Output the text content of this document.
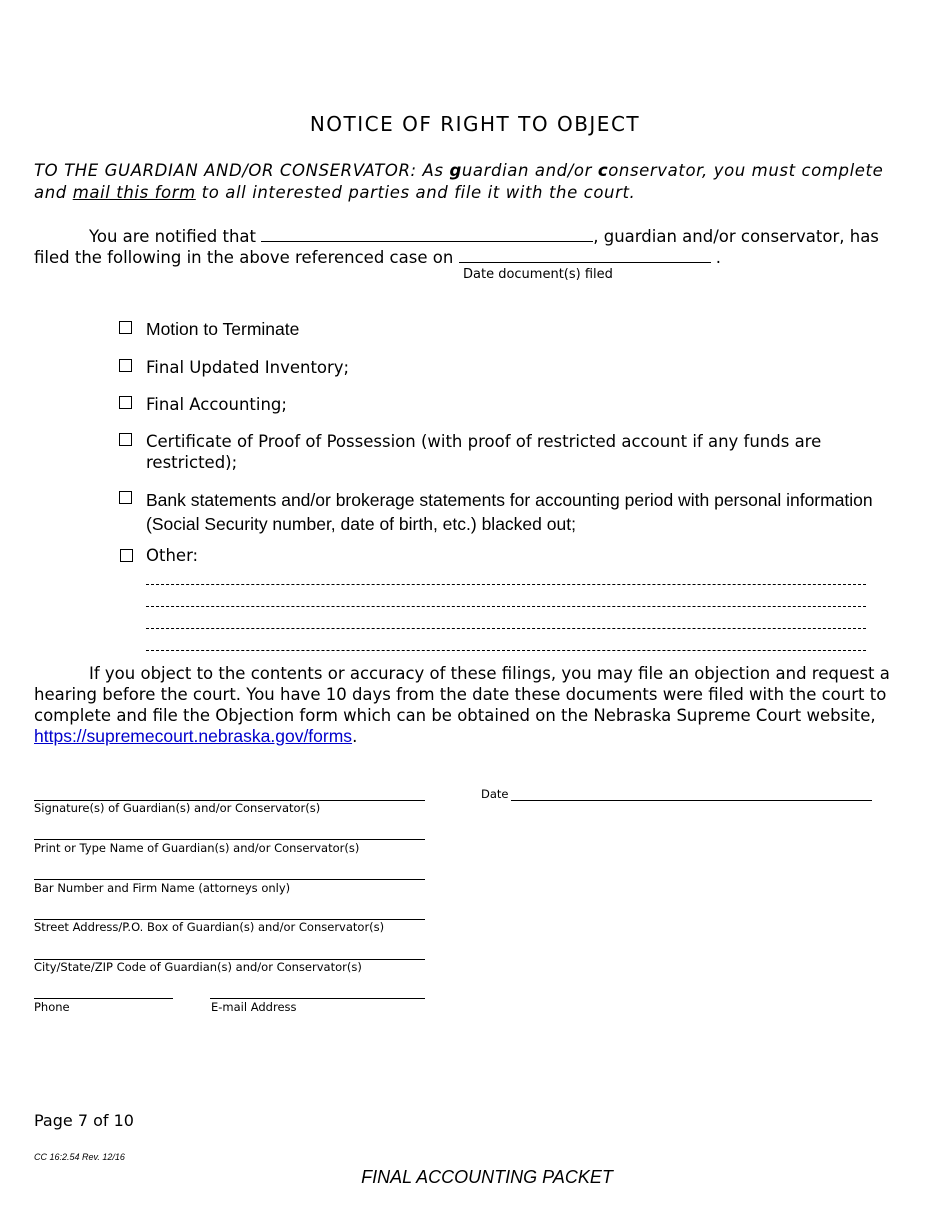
NOTICE OF RIGHT TO OBJECT
TO THE GUARDIAN AND/OR CONSERVATOR: As guardian and/or conservator, you must complete and mail this form to all interested parties and file it with the court.
You are notified that	, guardian and/or conservator, has filed the following in the above referenced case on	.
Date document(s) filed
Motion to Terminate
Final Updated Inventory;
Final Accounting;
Certificate of Proof of Possession (with proof of restricted account if any funds are restricted);
Bank statements and/or brokerage statements for accounting period with personal information (Social Security number, date of birth, etc.) blacked out;
Other:
If you object to the contents or accuracy of these filings, you may file an objection and request a hearing before the court. You have 10 days from the date these documents were filed with the court to complete and file the Objection form which can be obtained on the Nebraska Supreme Court website, https://supremecourt.nebraska.gov/forms.
Signature(s) of Guardian(s) and/or Conservator(s)
Date
Print or Type Name of Guardian(s) and/or Conservator(s)
Bar Number and Firm Name (attorneys only)
Street Address/P.O. Box of Guardian(s) and/or Conservator(s)
City/State/ZIP Code of Guardian(s) and/or Conservator(s)
Phone	E-mail Address
Page 7 of 10
CC 16:2.54 Rev. 12/16
FINAL ACCOUNTING PACKET
